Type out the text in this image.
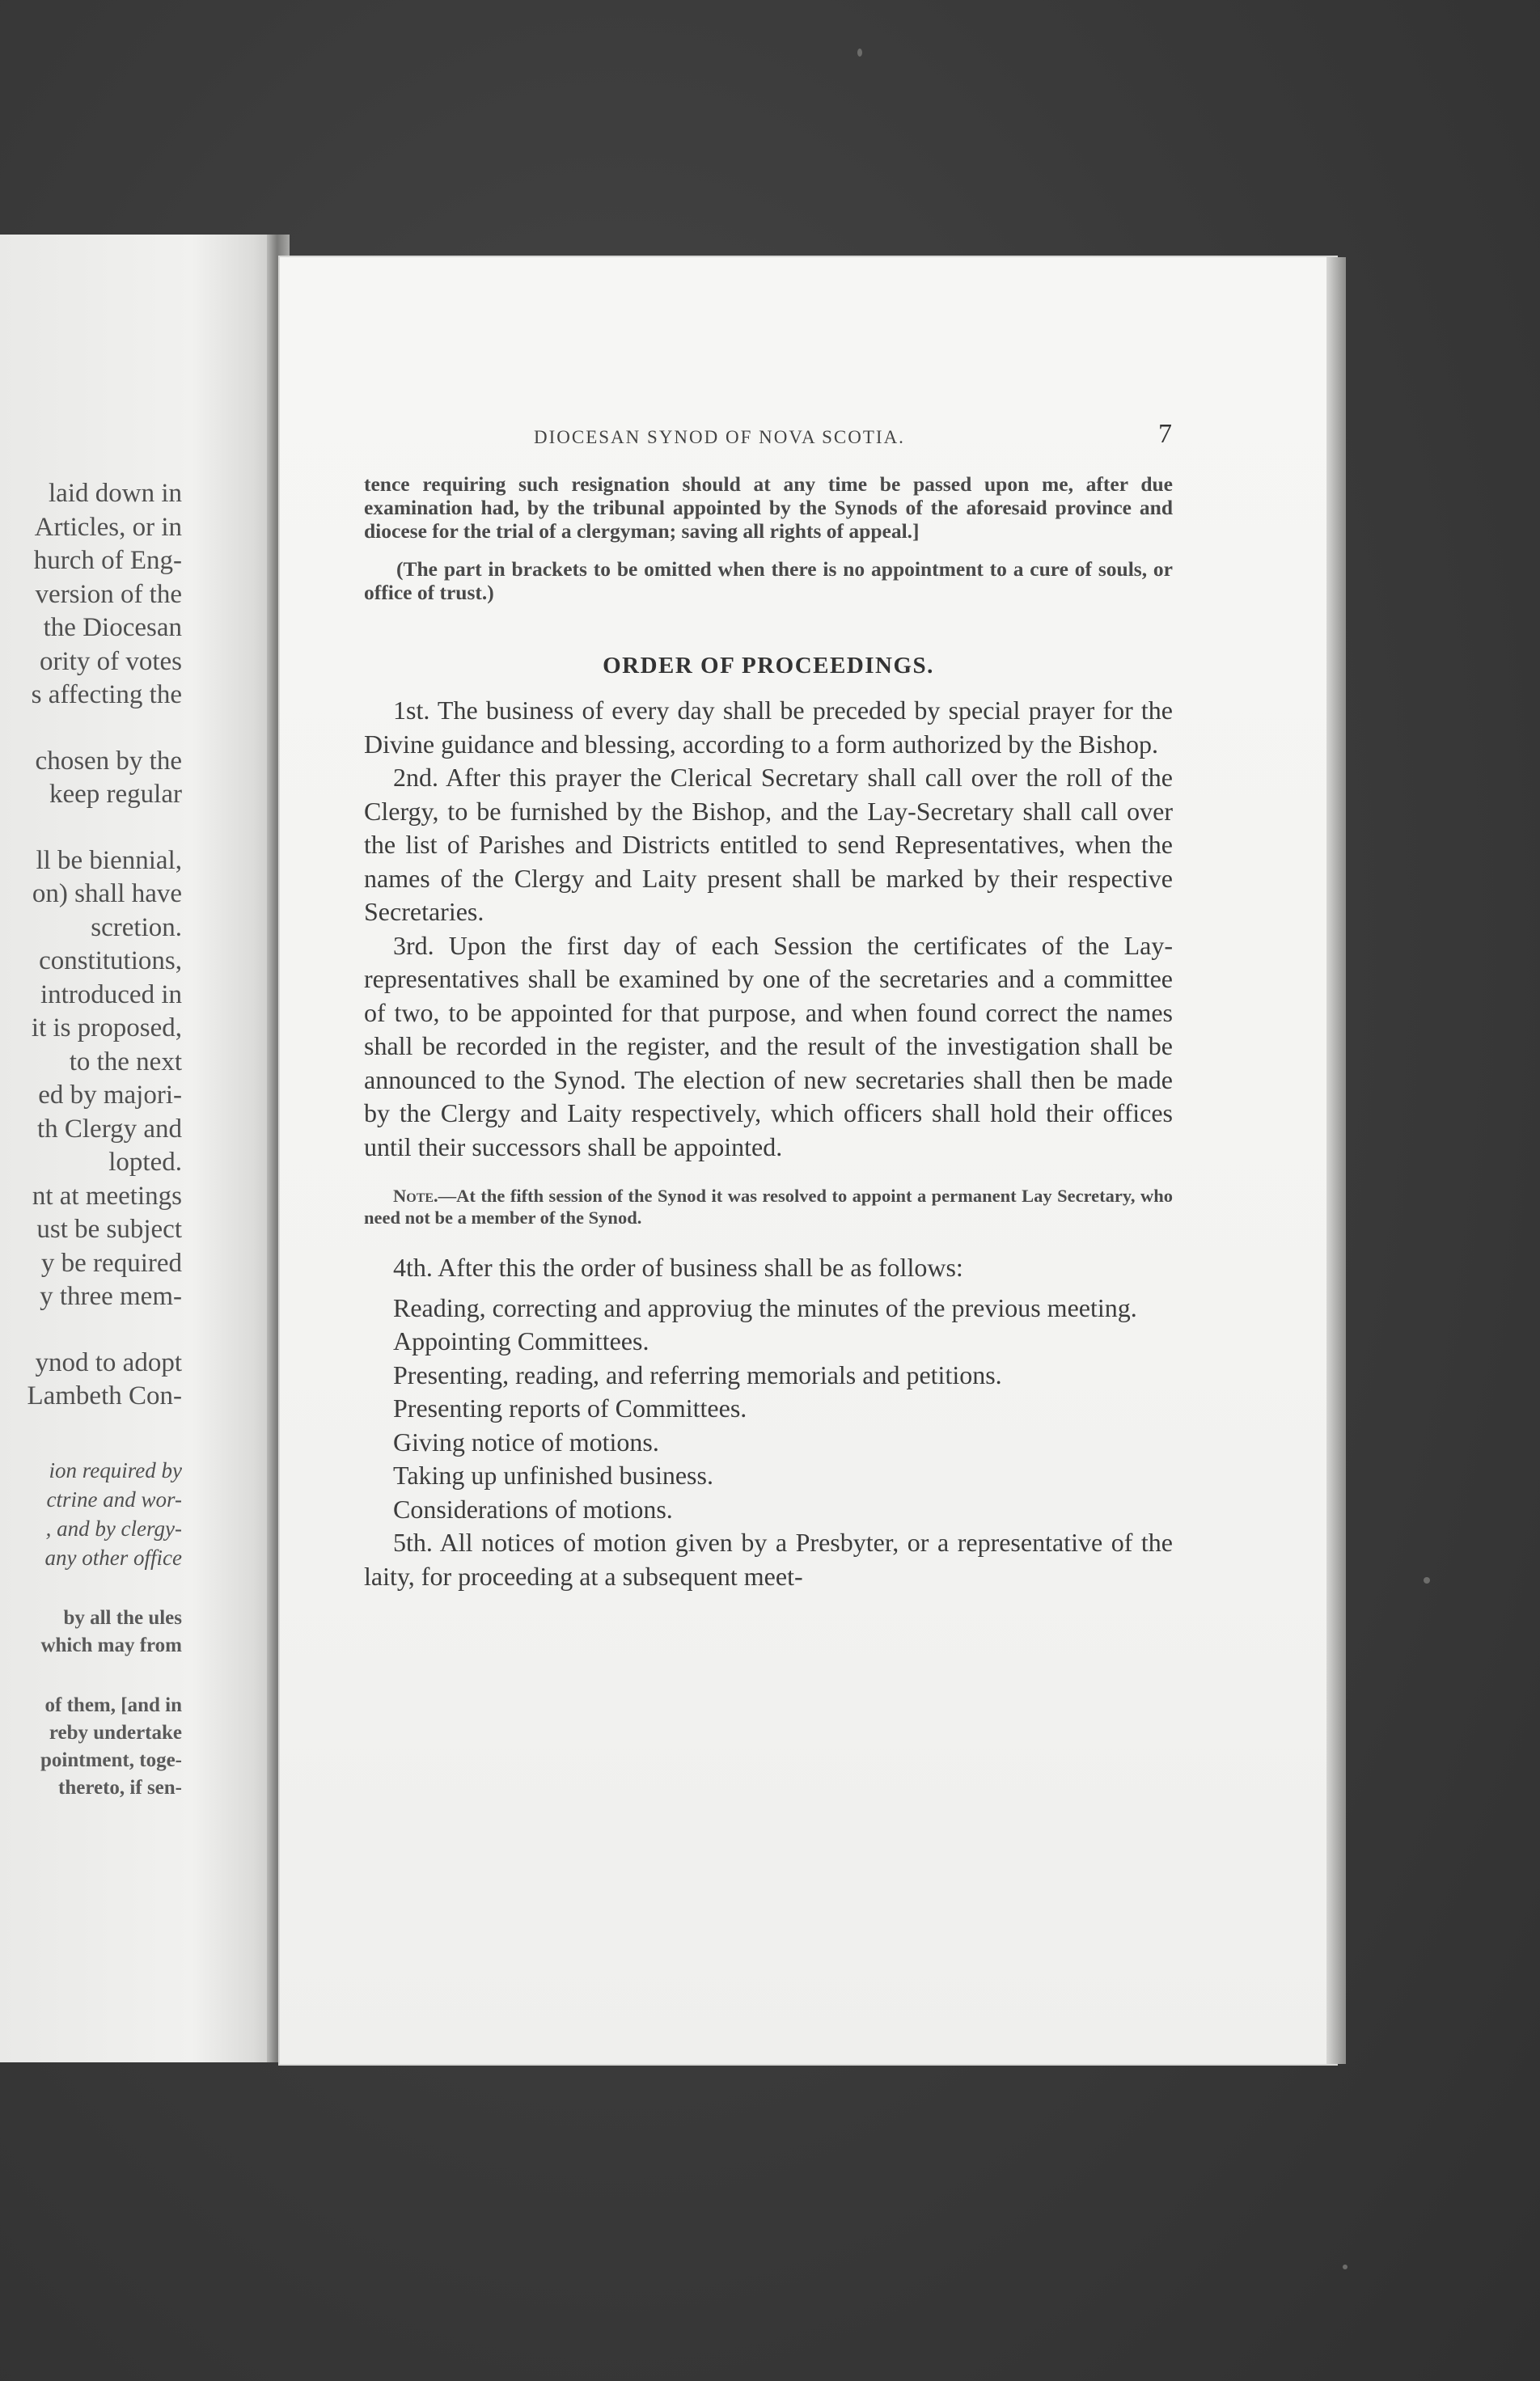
laid down in
Articles, or in
hurch of Eng-
version of the
the Diocesan
ority of votes
s affecting the
chosen by the
keep regular
ll be biennial,
on) shall have
scretion.
constitutions,
introduced in
it is proposed,
to the next
ed by majori-
th Clergy and
lopted.
nt at meetings
ust be subject
y be required
y three mem-
ynod to adopt
Lambeth Con-
ion required by
ctrine and wor-
, and by clergy-
any other office
by all the ules
which may from
of them, [and in
reby undertake
pointment, toge-
thereto, if sen-
DIOCESAN SYNOD OF NOVA SCOTIA.	7

tence requiring such resignation should at any time be passed upon me, after due examination had, by the tribunal appointed by the Synods of the aforesaid province and diocese for the trial of a clergyman; saving all rights of appeal.]

(The part in brackets to be omitted when there is no appointment to a cure of souls, or office of trust.)

ORDER OF PROCEEDINGS.

1st. The business of every day shall be preceded by special prayer for the Divine guidance and blessing, according to a form authorized by the Bishop.

2nd. After this prayer the Clerical Secretary shall call over the roll of the Clergy, to be furnished by the Bishop, and the Lay-Secretary shall call over the list of Parishes and Districts entitled to send Representatives, when the names of the Clergy and Laity present shall be marked by their respective Secretaries.

3rd. Upon the first day of each Session the certificates of the Lay-representatives shall be examined by one of the secretaries and a committee of two, to be appointed for that purpose, and when found correct the names shall be recorded in the register, and the result of the investigation shall be announced to the Synod. The election of new secretaries shall then be made by the Clergy and Laity respectively, which officers shall hold their offices until their successors shall be appointed.

Note.—At the fifth session of the Synod it was resolved to appoint a permanent Lay Secretary, who need not be a member of the Synod.

4th. After this the order of business shall be as follows:

Reading, correcting and approviug the minutes of the previous meeting.

Appointing Committees.

Presenting, reading, and referring memorials and petitions.

Presenting reports of Committees.

Giving notice of motions.

Taking up unfinished business.

Considerations of motions.

5th. All notices of motion given by a Presbyter, or a representative of the laity, for proceeding at a subsequent meet-
